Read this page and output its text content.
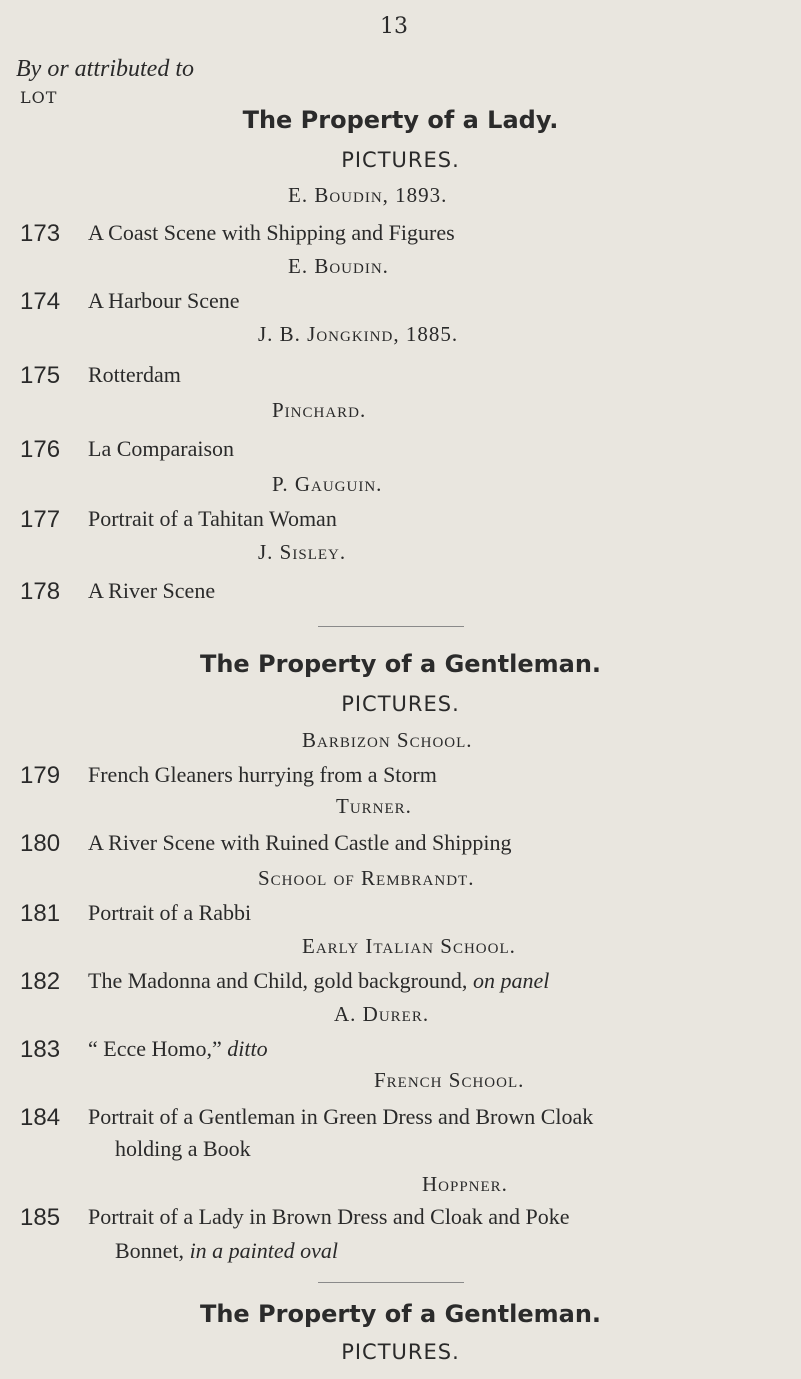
13
By or attributed to
LOT
The Property of a Lady.
PICTURES.
E. Boudin, 1893.
173 A Coast Scene with Shipping and Figures
E. Boudin.
174 A Harbour Scene
J. B. Jongkind, 1885.
175 Rotterdam
Pinchard.
176 La Comparaison
P. Gauguin.
177 Portrait of a Tahitan Woman
J. Sisley.
178 A River Scene
The Property of a Gentleman.
PICTURES.
Barbizon School.
179 French Gleaners hurrying from a Storm
Turner.
180 A River Scene with Ruined Castle and Shipping
School of Rembrandt.
181 Portrait of a Rabbi
Early Italian School.
182 The Madonna and Child, gold background, on panel
A. Durer.
183 “ Ecce Homo,” ditto
French School.
184 Portrait of a Gentleman in Green Dress and Brown Cloak
holding a Book
Hoppner.
185 Portrait of a Lady in Brown Dress and Cloak and Poke
Bonnet, in a painted oval
The Property of a Gentleman.
PICTURES.
